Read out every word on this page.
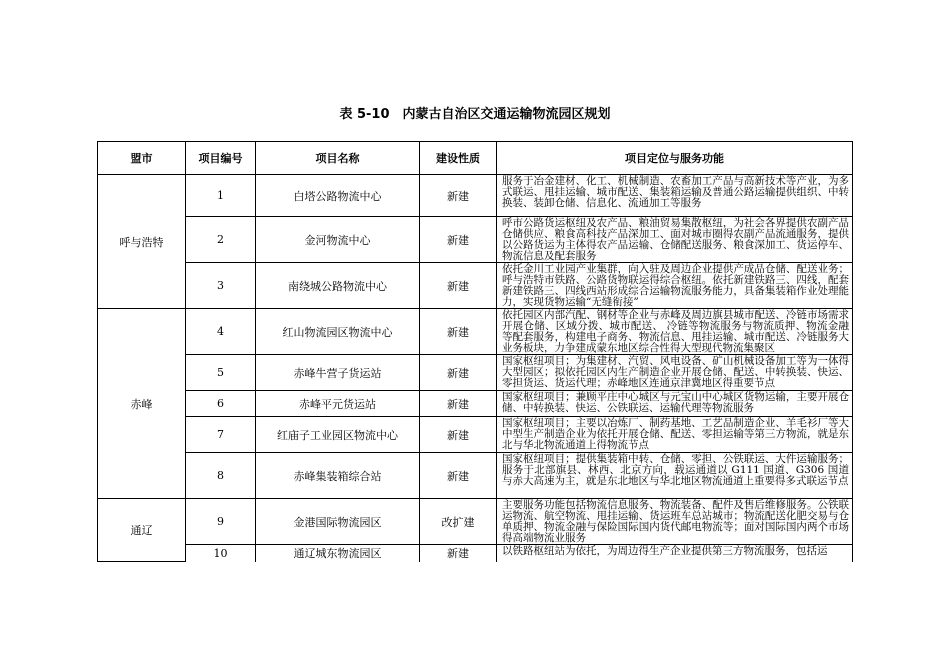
表 5-10　内蒙古自治区交通运输物流园区规划
盟市	项目编号	项目名称	建设性质	项目定位与服务功能
呼与浩特	1	白塔公路物流中心	新建	服务于冶金建材、化工、机械制造、农畜加工产品与高新技术等产业，为多式联运、甩挂运输、城市配送、集装箱运输及普通公路运输提供组织、中转换装、装卸仓储、信息化、流通加工等服务
	2	金河物流中心	新建	呼市公路货运枢纽及农产品、粮油贸易集散枢纽，为社会各界提供农副产品仓储供应、粮食高科技产品深加工、面对城市圈得农副产品流通服务，提供以公路货运为主体得农产品运输、仓储配送服务、粮食深加工、货运停车、物流信息及配套服务
	3	南绕城公路物流中心	新建	依托金川工业园产业集群，向入驻及周边企业提供产成品仓储、配送业务；呼与浩特市铁路、公路货物联运得综合枢纽。依托新建铁路三、四线，配套新建铁路三、四线西站形成综合运输物流服务能力，具备集装箱作业处理能力，实现货物运输“无缝衔接”
赤峰	4	红山物流园区物流中心	新建	依托园区内部汽配、钢材等企业与赤峰及周边旗县城市配送、冷链市场需求开展仓储、区域分拨、城市配送、 冷链等物流服务与物流质押、物流金融等配套服务，构建电子商务、物流信息、甩挂运输、城市配送、冷链服务大业务板块，力争建成蒙东地区综合性得大型现代物流集聚区
	5	赤峰牛营子货运站	新建	国家枢纽项目；为集建材、汽贸、风电设备、矿山机械设备加工等为一体得大型园区；拟依托园区内生产制造企业开展仓储、配送、中转换装、快运、零担货运、货运代理；赤峰地区连通京津冀地区得重要节点
	6	赤峰平元货运站	新建	国家枢纽项目；兼顾平庄中心城区与元宝山中心城区货物运输，主要开展仓储、中转换装、快运、公铁联运、运输代理等物流服务
	7	红庙子工业园区物流中心	新建	国家枢纽项目；主要以冶炼厂、制药基地、工艺品制造企业、羊毛衫厂等大中型生产制造企业为依托开展仓储、配送、零担运输等第三方物流，就是东北与华北物流通道上得物流节点
	8	赤峰集装箱综合站	新建	国家枢纽项目；提供集装箱中转、仓储、零担、公铁联运、大件运输服务；服务于北部旗县、林西、北京方向，载运通道以 G111 国道、G306 国道与赤大高速为主，就是东北地区与华北地区物流通道上重要得多式联运节点
通辽	9	金港国际物流园区	改扩建	主要服务功能包括物流信息服务、物流装备、配件及售后维修服务。公铁联运物流、航空物流、甩挂运输、货运班车总站城市；物流配送化肥交易与仓单质押、物流金融与保险国际国内货代邮电物流等；面对国际国内两个市场得高端物流业服务
	10	通辽城东物流园区	新建	以铁路枢纽站为依托，为周边得生产企业提供第三方物流服务，包括运
